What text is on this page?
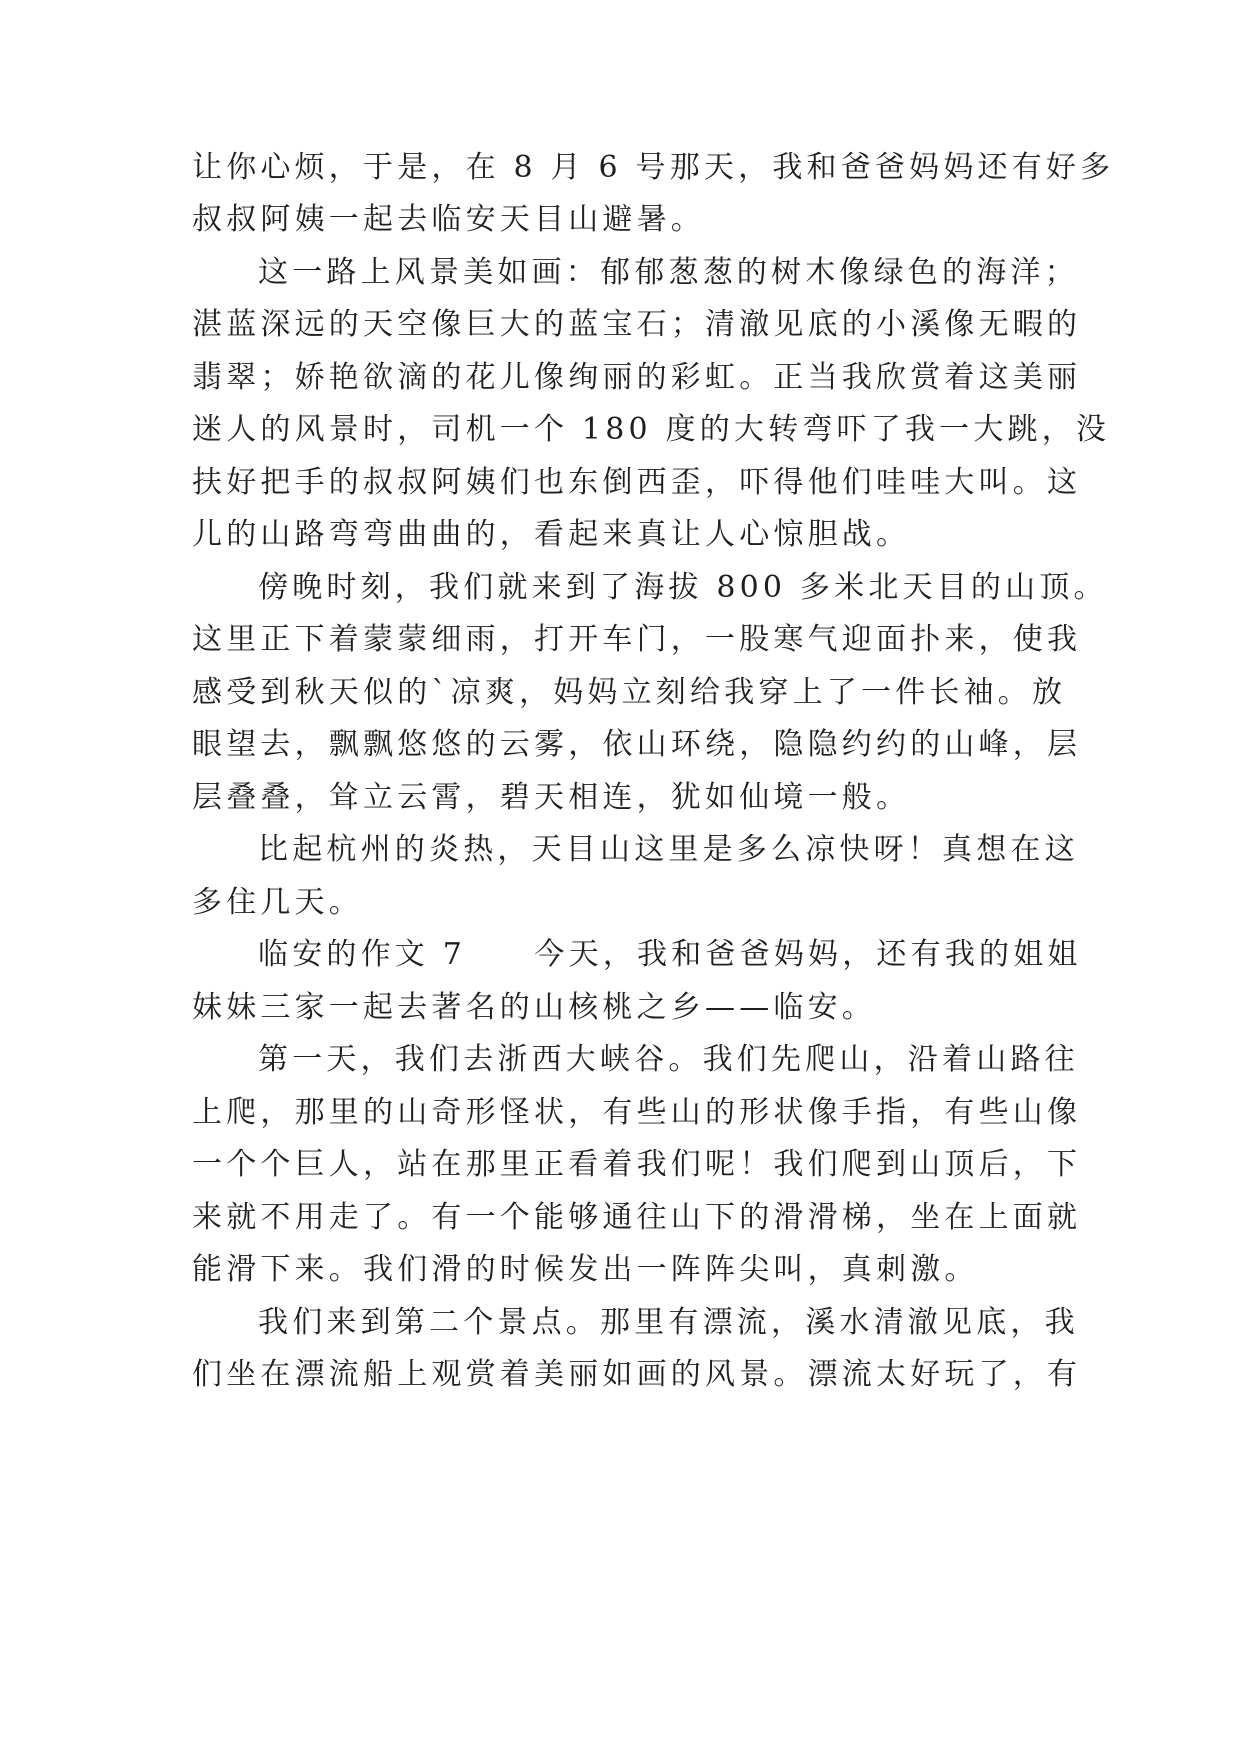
让你心烦，于是，在 8 月 6 号那天，我和爸爸妈妈还有好多
叔叔阿姨一起去临安天目山避暑。
这一路上风景美如画：郁郁葱葱的树木像绿色的海洋；
湛蓝深远的天空像巨大的蓝宝石；清澈见底的小溪像无暇的
翡翠；娇艳欲滴的花儿像绚丽的彩虹。正当我欣赏着这美丽
迷人的风景时，司机一个 180 度的大转弯吓了我一大跳，没
扶好把手的叔叔阿姨们也东倒西歪，吓得他们哇哇大叫。这
儿的山路弯弯曲曲的，看起来真让人心惊胆战。
傍晚时刻，我们就来到了海拔 800 多米北天目的山顶。
这里正下着蒙蒙细雨，打开车门，一股寒气迎面扑来，使我
感受到秋天似的`凉爽，妈妈立刻给我穿上了一件长袖。放
眼望去，飘飘悠悠的云雾，依山环绕，隐隐约约的山峰，层
层叠叠，耸立云霄，碧天相连，犹如仙境一般。
比起杭州的炎热，天目山这里是多么凉快呀！真想在这
多住几天。
临安的作文 7　　今天，我和爸爸妈妈，还有我的姐姐
妹妹三家一起去著名的山核桃之乡——临安。
第一天，我们去浙西大峡谷。我们先爬山，沿着山路往
上爬，那里的山奇形怪状，有些山的形状像手指，有些山像
一个个巨人，站在那里正看着我们呢！我们爬到山顶后，下
来就不用走了。有一个能够通往山下的滑滑梯，坐在上面就
能滑下来。我们滑的时候发出一阵阵尖叫，真刺激。
我们来到第二个景点。那里有漂流，溪水清澈见底，我
们坐在漂流船上观赏着美丽如画的风景。漂流太好玩了，有
